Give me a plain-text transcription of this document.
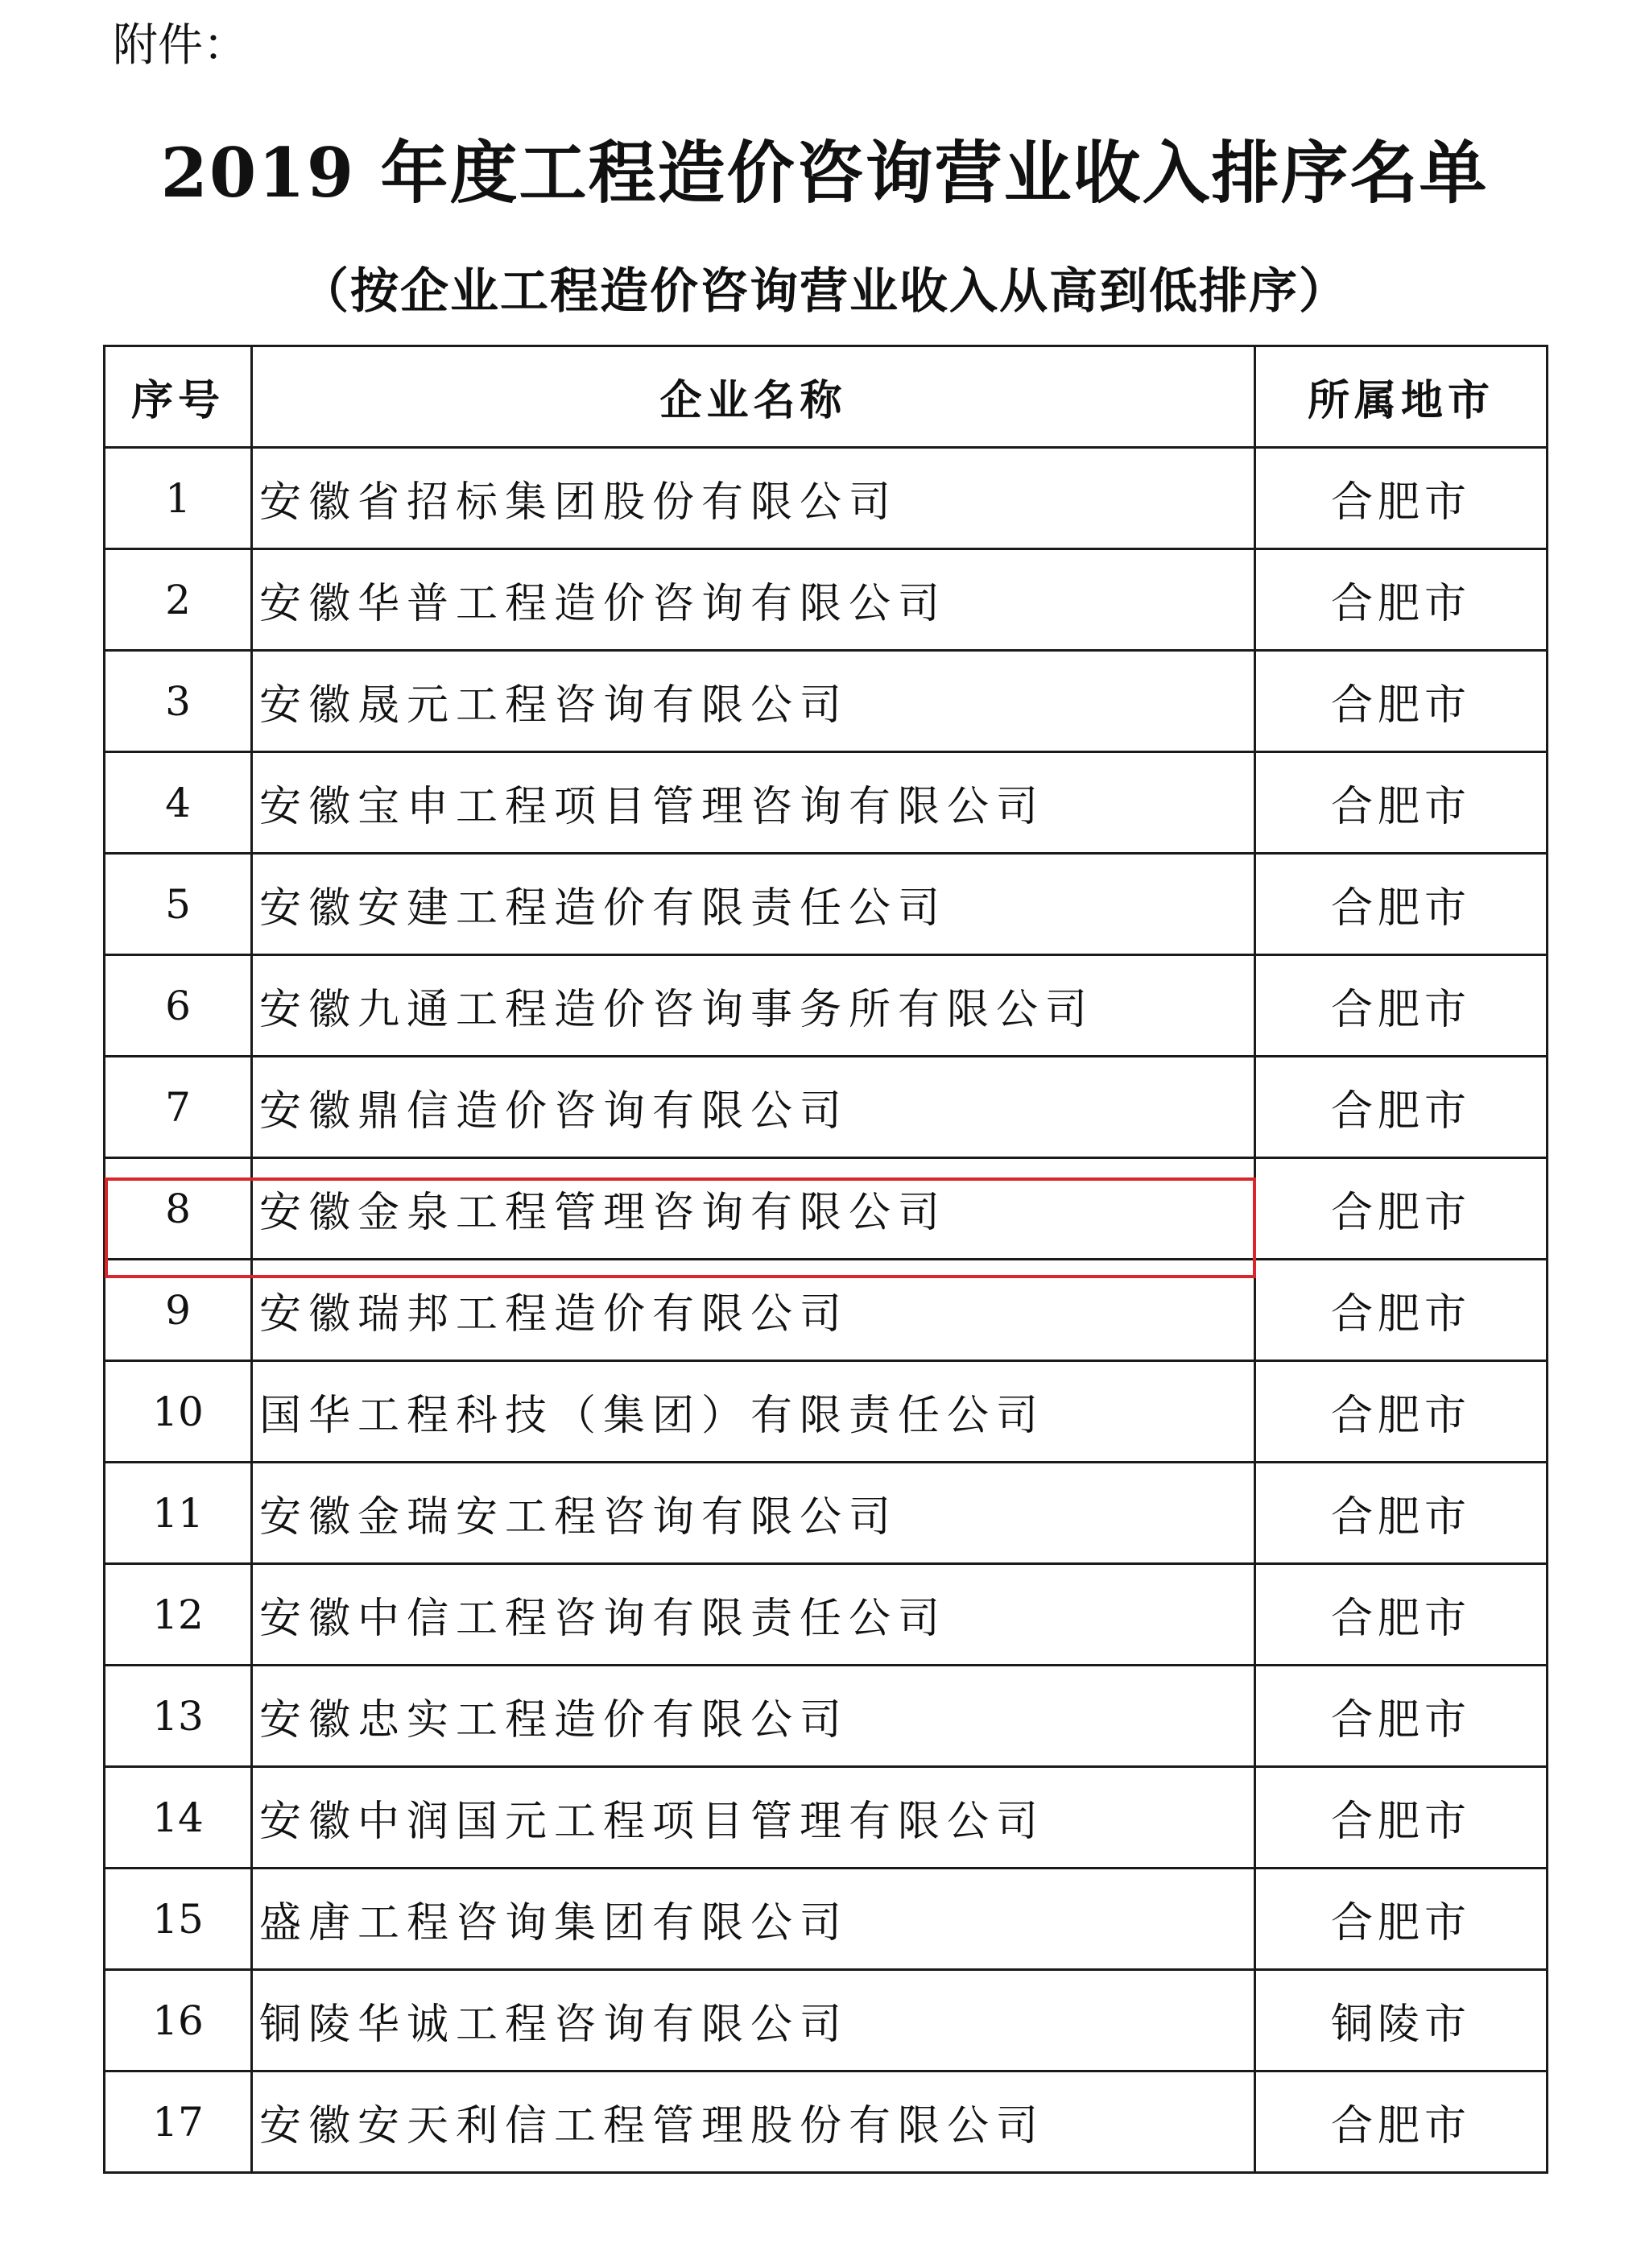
附件：
2019 年度工程造价咨询营业收入排序名单
（按企业工程造价咨询营业收入从高到低排序）
序号	企业名称	所属地市
1	安徽省招标集团股份有限公司	合肥市
2	安徽华普工程造价咨询有限公司	合肥市
3	安徽晟元工程咨询有限公司	合肥市
4	安徽宝申工程项目管理咨询有限公司	合肥市
5	安徽安建工程造价有限责任公司	合肥市
6	安徽九通工程造价咨询事务所有限公司	合肥市
7	安徽鼎信造价咨询有限公司	合肥市
8	安徽金泉工程管理咨询有限公司	合肥市
9	安徽瑞邦工程造价有限公司	合肥市
10	国华工程科技（集团）有限责任公司	合肥市
11	安徽金瑞安工程咨询有限公司	合肥市
12	安徽中信工程咨询有限责任公司	合肥市
13	安徽忠实工程造价有限公司	合肥市
14	安徽中润国元工程项目管理有限公司	合肥市
15	盛唐工程咨询集团有限公司	合肥市
16	铜陵华诚工程咨询有限公司	铜陵市
17	安徽安天利信工程管理股份有限公司	合肥市
